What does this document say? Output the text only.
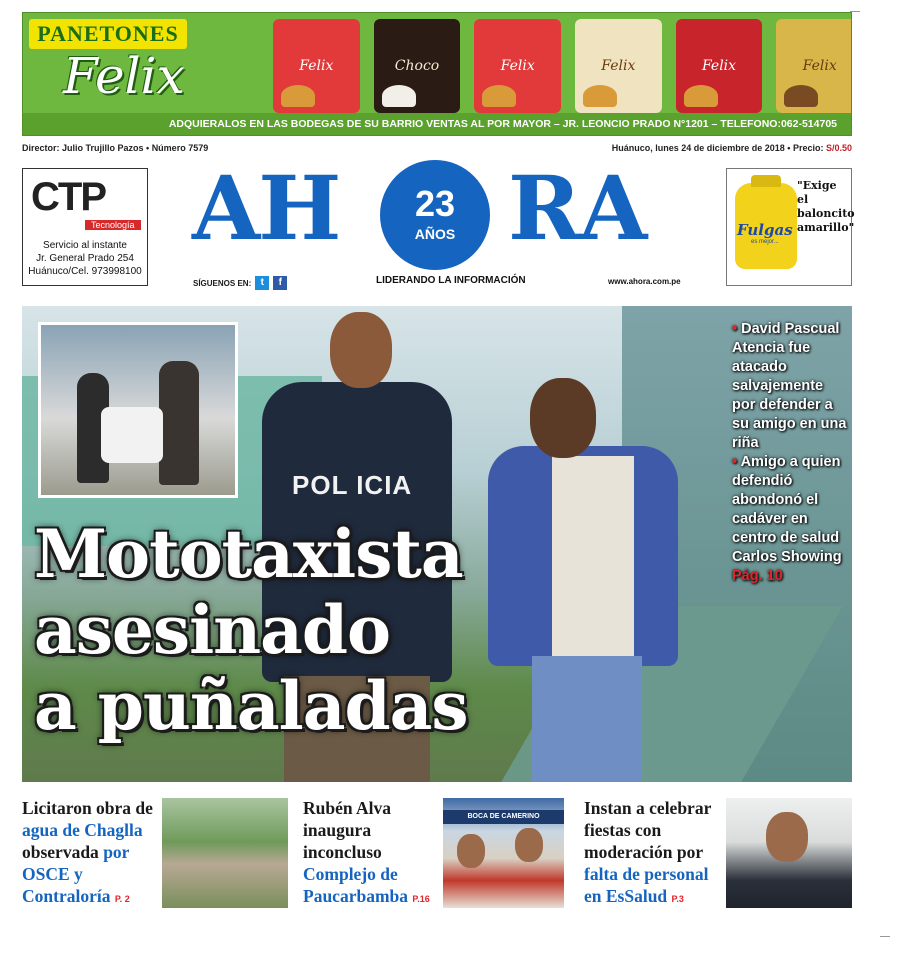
PANETONES
Felix	Felix	Choco	Felix	Felix	Felix	Felix
ADQUIERALOS EN LAS BODEGAS DE SU BARRIO VENTAS AL POR MAYOR – JR. LEONCIO PRADO N°1201 – TELEFONO:062-514705
Director: Julio Trujillo Pazos • Número 7579	Huánuco, lunes 24 de diciembre de 2018 • Precio: S/0.50
CTP
Tecnología
Servicio al instante
Jr. General Prado 254
Huánuco/Cel. 973998100
AH	23
AÑOS RA
SÍGUENOS EN: t	f	LIDERANDO LA INFORMACIÓN	www.ahora.com.pe
Fulgas
es mejor...
"Exige el baloncito amarillo"
POL ICIA
Mototaxista
asesinado
a puñaladas
• David Pascual Atencia fue atacado salvajemente por defender a su amigo en una riña
• Amigo a quien defendió abondonó el cadáver en centro de salud Carlos Showing Pág. 10
Licitaron obra de agua de Chaglla observada por OSCE y Contraloría P. 2
Rubén Alva inaugura inconcluso Complejo de Paucarbamba P.16
BOCA DE CAMERINO	Instan a celebrar fiestas con moderación por falta de personal en EsSalud P.3
